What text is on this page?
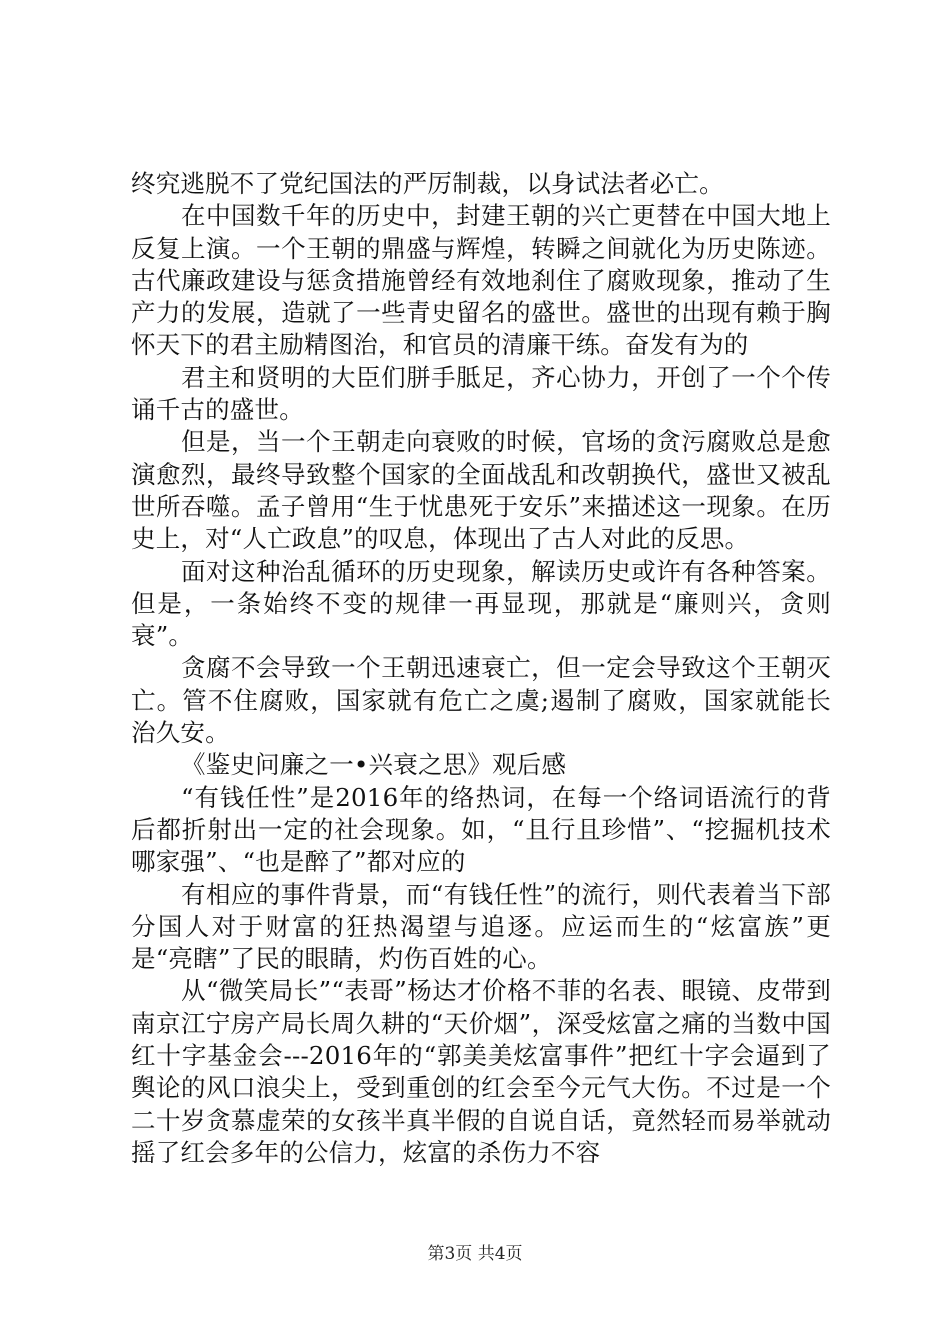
终究逃脱不了党纪国法的严厉制裁，以身试法者必亡。

在中国数千年的历史中，封建王朝的兴亡更替在中国大地上反复上演。一个王朝的鼎盛与辉煌，转瞬之间就化为历史陈迹。古代廉政建设与惩贪措施曾经有效地刹住了腐败现象，推动了生产力的发展，造就了一些青史留名的盛世。盛世的出现有赖于胸怀天下的君主励精图治，和官员的清廉干练。奋发有为的

君主和贤明的大臣们胼手胝足，齐心协力，开创了一个个传诵千古的盛世。

但是，当一个王朝走向衰败的时候，官场的贪污腐败总是愈演愈烈，最终导致整个国家的全面战乱和改朝换代，盛世又被乱世所吞噬。孟子曾用“生于忧患死于安乐”来描述这一现象。在历史上，对“人亡政息”的叹息，体现出了古人对此的反思。

面对这种治乱循环的历史现象，解读历史或许有各种答案。但是，一条始终不变的规律一再显现，那就是“廉则兴，贪则衰”。

贪腐不会导致一个王朝迅速衰亡，但一定会导致这个王朝灭亡。管不住腐败，国家就有危亡之虞;遏制了腐败，国家就能长治久安。

《鉴史问廉之一•兴衰之思》观后感

“有钱任性”是2016年的络热词，在每一个络词语流行的背后都折射出一定的社会现象。如，“且行且珍惜”、“挖掘机技术哪家强”、“也是醉了”都对应的

有相应的事件背景，而“有钱任性”的流行，则代表着当下部分国人对于财富的狂热渴望与追逐。应运而生的“炫富族”更是“亮瞎”了民的眼睛，灼伤百姓的心。

从“微笑局长”“表哥”杨达才价格不菲的名表、眼镜、皮带到南京江宁房产局长周久耕的“天价烟”，深受炫富之痛的当数中国红十字基金会---2016年的“郭美美炫富事件”把红十字会逼到了舆论的风口浪尖上，受到重创的红会至今元气大伤。不过是一个二十岁贪慕虚荣的女孩半真半假的自说自话，竟然轻而易举就动摇了红会多年的公信力，炫富的杀伤力不容

第3页 共4页
